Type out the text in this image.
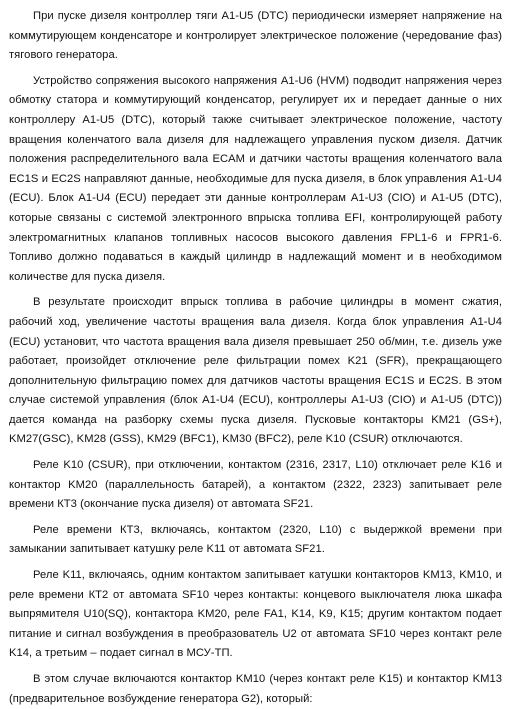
При пуске дизеля контроллер тяги A1-U5 (DTC) периодически измеряет напряжение на коммутирующем конденсаторе и контролирует электрическое положение (чередование фаз) тягового генератора.

Устройство сопряжения высокого напряжения A1-U6 (HVM) подводит напряжения через обмотку статора и коммутирующий конденсатор, регулирует их и передает данные о них контроллеру A1-U5 (DTC), который также считывает электрическое положение, частоту вращения коленчатого вала дизеля для надлежащего управления пуском дизеля. Датчик положения распределительного вала ECAM и датчики частоты вращения коленчатого вала EC1S и EC2S направляют данные, необходимые для пуска дизеля, в блок управления A1-U4 (ECU). Блок A1-U4 (ECU) передает эти данные контроллерам A1-U3 (CIO) и A1-U5 (DTC), которые связаны с системой электронного впрыска топлива EFI, контролирующей работу электромагнитных клапанов топливных насосов высокого давления FPL1-6 и FPR1-6. Топливо должно подаваться в каждый цилиндр в надлежащий момент и в необходимом количестве для пуска дизеля.

В результате происходит впрыск топлива в рабочие цилиндры в момент сжатия, рабочий ход, увеличение частоты вращения вала дизеля. Когда блок управления A1-U4 (ECU) установит, что частота вращения вала дизеля превышает 250 об/мин, т.е. дизель уже работает, произойдет отключение реле фильтрации помех K21 (SFR), прекращающего дополнительную фильтрацию помех для датчиков частоты вращения EC1S и EC2S. В этом случае системой управления (блок A1-U4 (ECU), контроллеры A1-U3 (CIO) и A1-U5 (DTC)) дается команда на разборку схемы пуска дизеля. Пусковые контакторы KM21 (GS+), KM27(GSC), KM28 (GSS), KM29 (BFC1), KM30 (BFC2), реле K10 (CSUR) отключаются.

Реле K10 (CSUR), при отключении, контактом (2316, 2317, L10) отключает реле K16 и контактор KM20 (параллельность батарей), а контактом (2322, 2323) запитывает реле времени КТ3 (окончание пуска дизеля) от автомата SF21.

Реле времени КТ3, включаясь, контактом (2320, L10) с выдержкой времени при замыкании запитывает катушку реле K11 от автомата SF21.

Реле K11, включаясь, одним контактом запитывает катушки контакторов KM13, KM10, и реле времени КТ2 от автомата SF10 через контакты: концевого выключателя люка шкафа выпрямителя U10(SQ), контактора KM20, реле FA1, K14, K9, K15; другим контактом подает питание и сигнал возбуждения в преобразователь U2 от автомата SF10 через контакт реле K14, а третьим – подает сигнал в МСУ-ТП.

В этом случае включаются контактор KM10 (через контакт реле K15) и контактор KM13 (предварительное возбуждение генератора G2), который:
